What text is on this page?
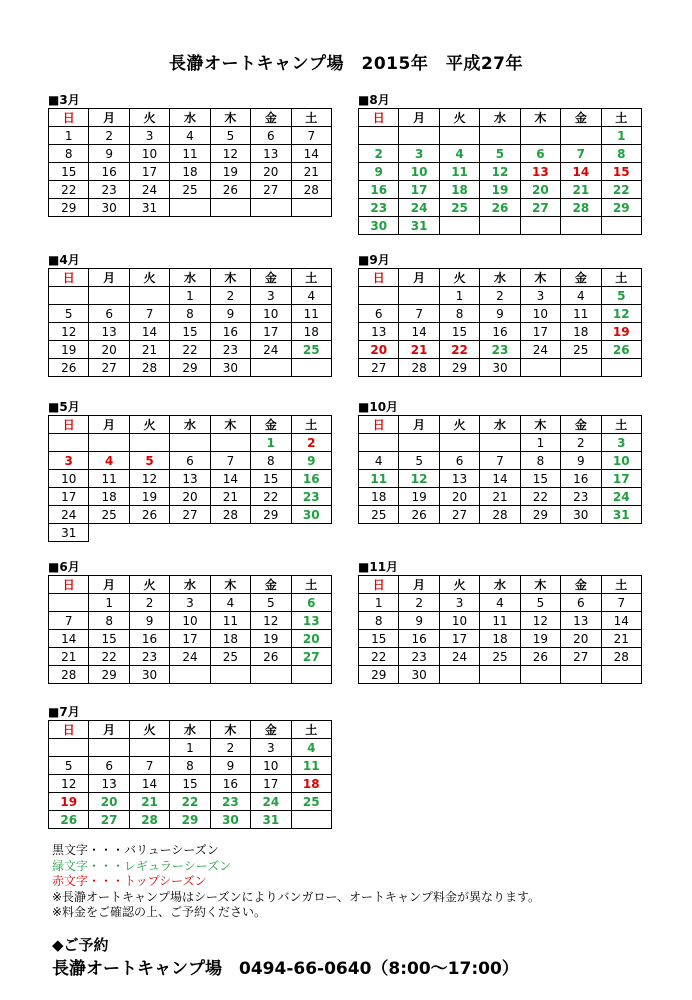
長瀞オートキャンプ場　2015年　平成27年
■3月
日	月	火	水	木	金	土
1	2	3	4	5	6	7
8	9	10	11	12	13	14
15	16	17	18	19	20	21
22	23	24	25	26	27	28
29	30	31				
■4月
日	月	火	水	木	金	土
			1	2	3	4
5	6	7	8	9	10	11
12	13	14	15	16	17	18
19	20	21	22	23	24	25
26	27	28	29	30		
■5月
日	月	火	水	木	金	土
					1	2
3	4	5	6	7	8	9
10	11	12	13	14	15	16
17	18	19	20	21	22	23
24	25	26	27	28	29	30
31						
■6月
日	月	火	水	木	金	土
	1	2	3	4	5	6
7	8	9	10	11	12	13
14	15	16	17	18	19	20
21	22	23	24	25	26	27
28	29	30				
■7月
日	月	火	水	木	金	土
			1	2	3	4
5	6	7	8	9	10	11
12	13	14	15	16	17	18
19	20	21	22	23	24	25
26	27	28	29	30	31	
■8月
日	月	火	水	木	金	土
						1
2	3	4	5	6	7	8
9	10	11	12	13	14	15
16	17	18	19	20	21	22
23	24	25	26	27	28	29
30	31					
■9月
日	月	火	水	木	金	土
		1	2	3	4	5
6	7	8	9	10	11	12
13	14	15	16	17	18	19
20	21	22	23	24	25	26
27	28	29	30			
■10月
日	月	火	水	木	金	土
				1	2	3
4	5	6	7	8	9	10
11	12	13	14	15	16	17
18	19	20	21	22	23	24
25	26	27	28	29	30	31
■11月
日	月	火	水	木	金	土
1	2	3	4	5	6	7
8	9	10	11	12	13	14
15	16	17	18	19	20	21
22	23	24	25	26	27	28
29	30					
黒文字・・・バリューシーズン
緑文字・・・レギュラーシーズン
赤文字・・・トップシーズン
※長瀞オートキャンプ場はシーズンによりバンガロー、オートキャンプ料金が異なります。
※料金をご確認の上、ご予約ください。
◆ご予約
長瀞オートキャンプ場　0494-66-0640（8:00～17:00）
